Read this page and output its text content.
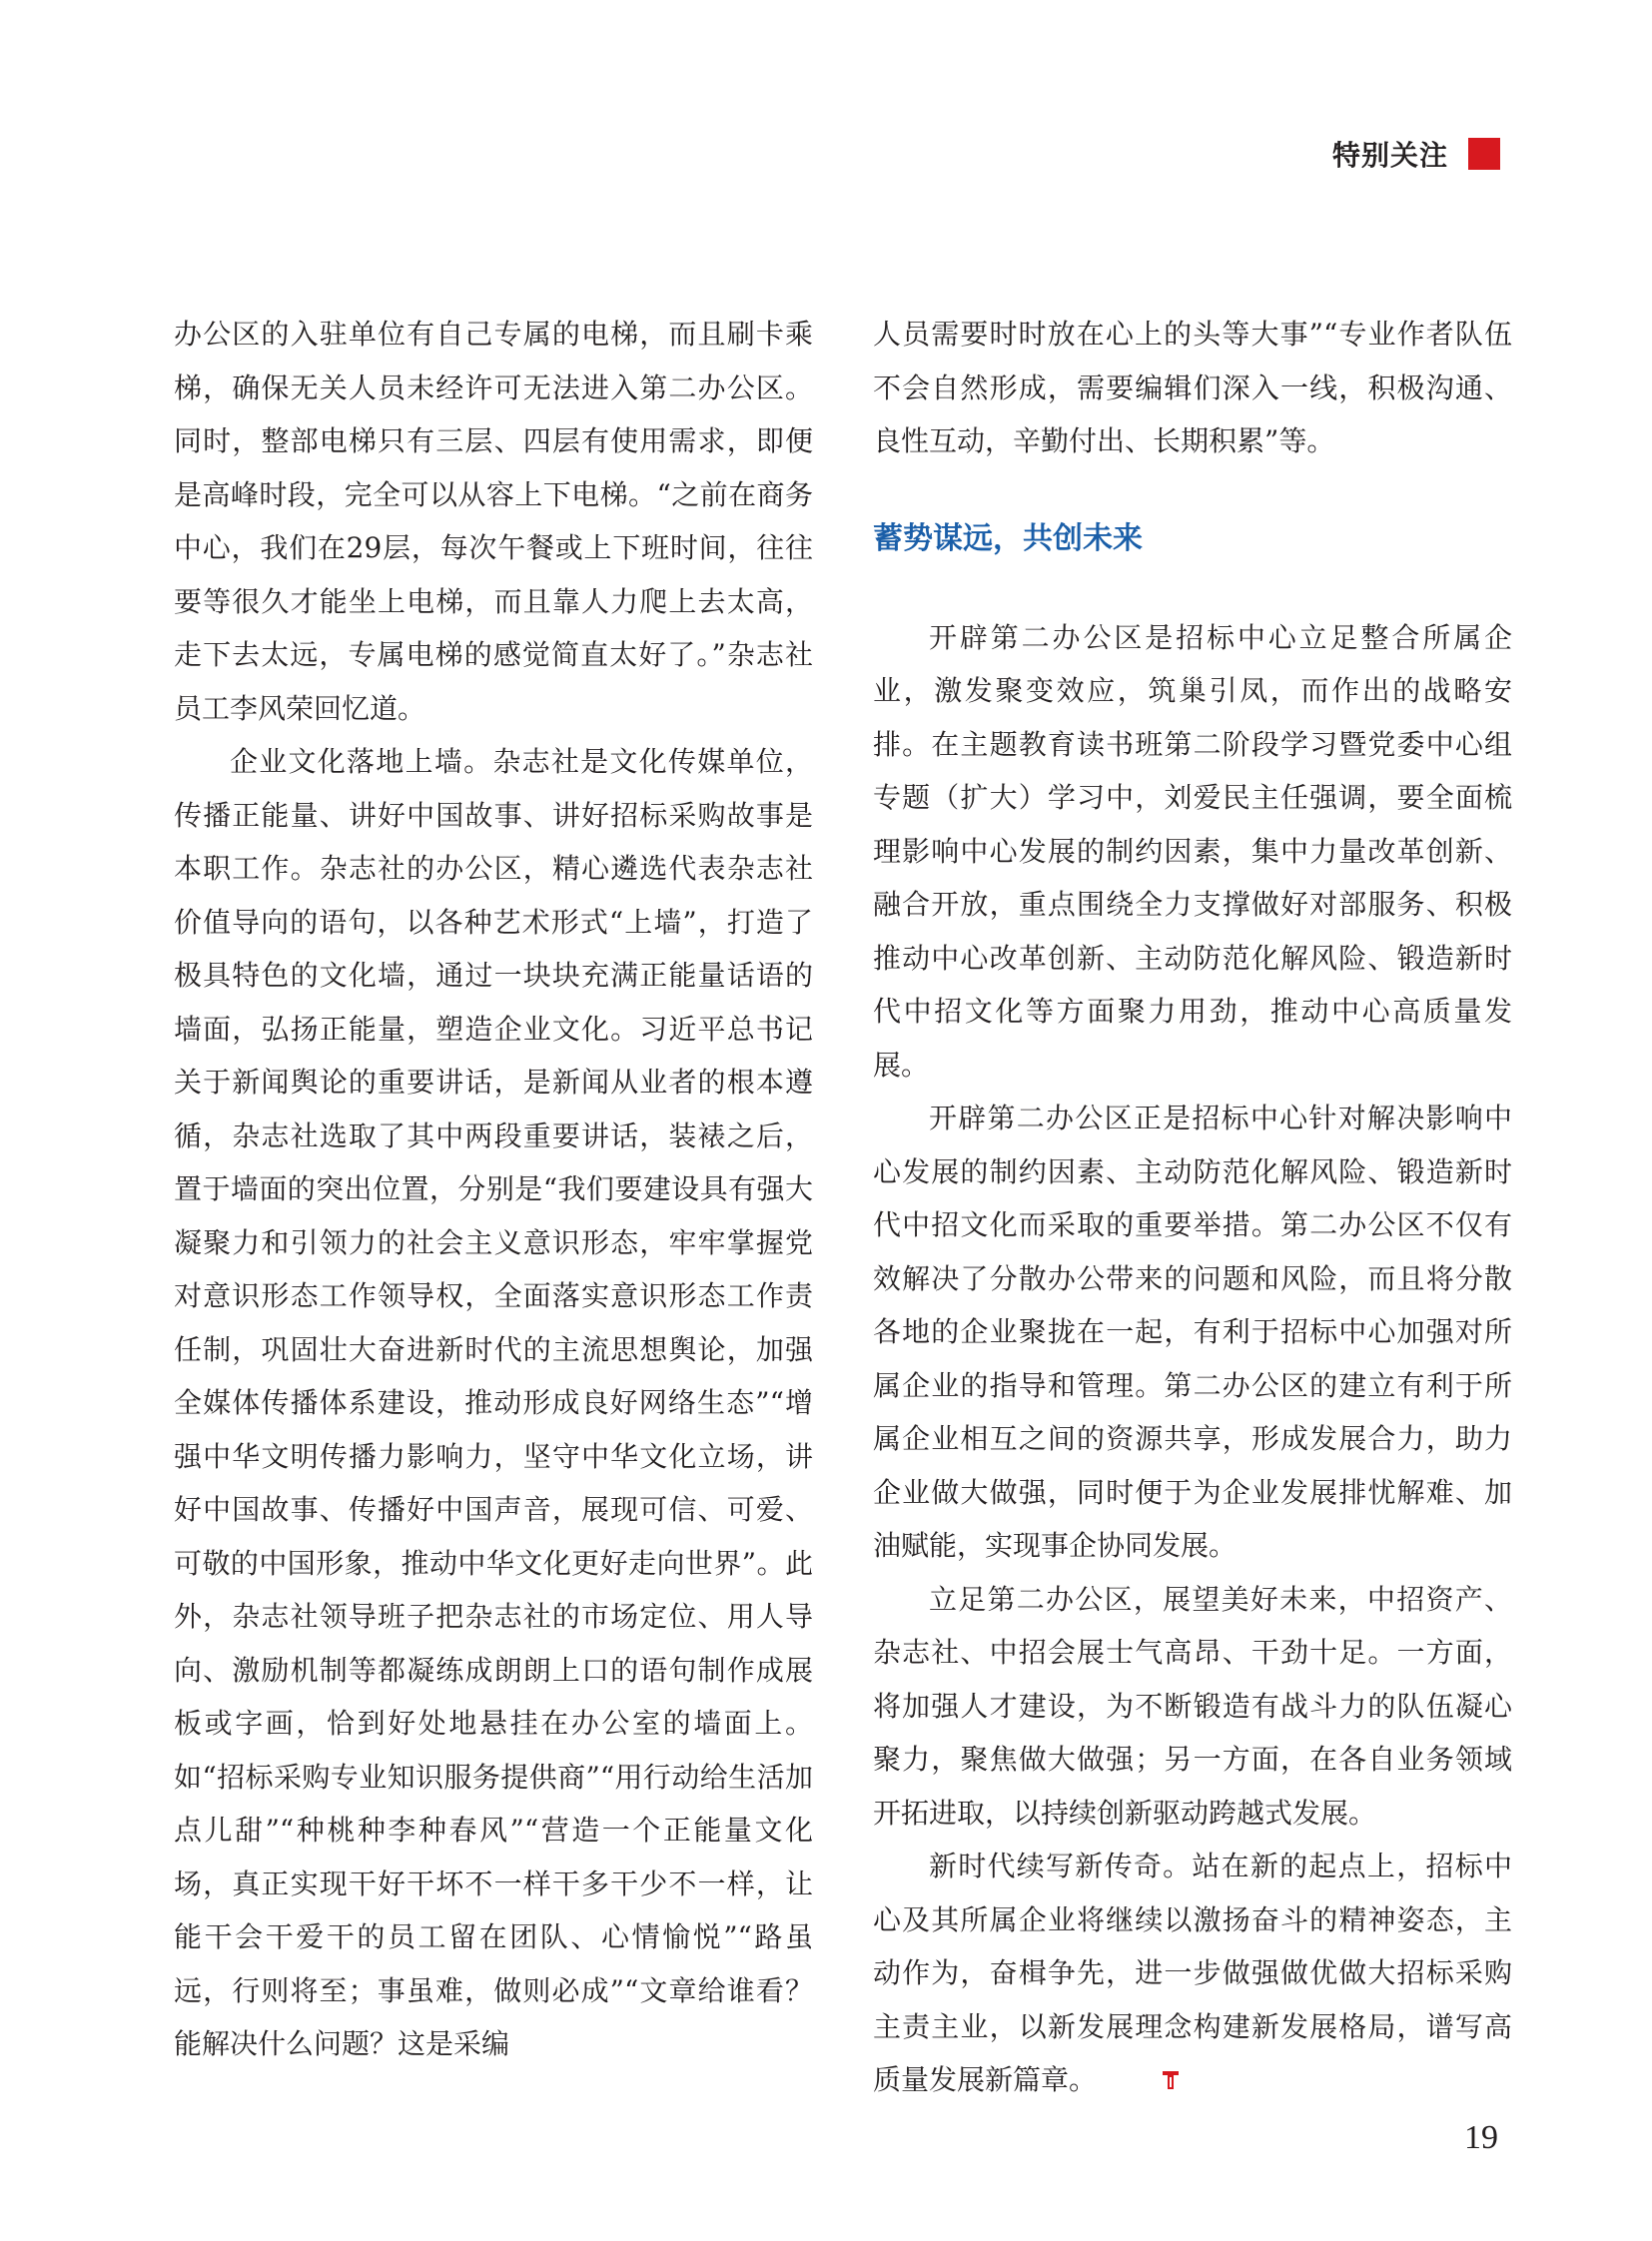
特别关注

办公区的入驻单位有自己专属的电梯，而且刷卡乘梯，确保无关人员未经许可无法进入第二办公区。同时，整部电梯只有三层、四层有使用需求，即便是高峰时段，完全可以从容上下电梯。“之前在商务中心，我们在29层，每次午餐或上下班时间，往往要等很久才能坐上电梯，而且靠人力爬上去太高，走下去太远，专属电梯的感觉简直太好了。”杂志社员工李风荣回忆道。

企业文化落地上墙。杂志社是文化传媒单位，传播正能量、讲好中国故事、讲好招标采购故事是本职工作。杂志社的办公区，精心遴选代表杂志社价值导向的语句，以各种艺术形式“上墙”，打造了极具特色的文化墙，通过一块块充满正能量话语的墙面，弘扬正能量，塑造企业文化。习近平总书记关于新闻舆论的重要讲话，是新闻从业者的根本遵循，杂志社选取了其中两段重要讲话，装裱之后，置于墙面的突出位置，分别是“我们要建设具有强大凝聚力和引领力的社会主义意识形态，牢牢掌握党对意识形态工作领导权，全面落实意识形态工作责任制，巩固壮大奋进新时代的主流思想舆论，加强全媒体传播体系建设，推动形成良好网络生态”“增强中华文明传播力影响力，坚守中华文化立场，讲好中国故事、传播好中国声音，展现可信、可爱、可敬的中国形象，推动中华文化更好走向世界”。此外，杂志社领导班子把杂志社的市场定位、用人导向、激励机制等都凝练成朗朗上口的语句制作成展板或字画，恰到好处地悬挂在办公室的墙面上。如“招标采购专业知识服务提供商”“用行动给生活加点儿甜”“种桃种李种春风”“营造一个正能量文化场，真正实现干好干坏不一样干多干少不一样，让能干会干爱干的员工留在团队、心情愉悦”“路虽远，行则将至；事虽难，做则必成”“文章给谁看？能解决什么问题？这是采编

人员需要时时放在心上的头等大事”“专业作者队伍不会自然形成，需要编辑们深入一线，积极沟通、良性互动，辛勤付出、长期积累”等。

蓄势谋远，共创未来

开辟第二办公区是招标中心立足整合所属企业，激发聚变效应，筑巢引凤，而作出的战略安排。在主题教育读书班第二阶段学习暨党委中心组专题（扩大）学习中，刘爱民主任强调，要全面梳理影响中心发展的制约因素，集中力量改革创新、融合开放，重点围绕全力支撑做好对部服务、积极推动中心改革创新、主动防范化解风险、锻造新时代中招文化等方面聚力用劲，推动中心高质量发展。

开辟第二办公区正是招标中心针对解决影响中心发展的制约因素、主动防范化解风险、锻造新时代中招文化而采取的重要举措。第二办公区不仅有效解决了分散办公带来的问题和风险，而且将分散各地的企业聚拢在一起，有利于招标中心加强对所属企业的指导和管理。第二办公区的建立有利于所属企业相互之间的资源共享，形成发展合力，助力企业做大做强，同时便于为企业发展排忧解难、加油赋能，实现事企协同发展。

立足第二办公区，展望美好未来，中招资产、杂志社、中招会展士气高昂、干劲十足。一方面，将加强人才建设，为不断锻造有战斗力的队伍凝心聚力，聚焦做大做强；另一方面，在各自业务领域开拓进取，以持续创新驱动跨越式发展。

新时代续写新传奇。站在新的起点上，招标中心及其所属企业将继续以激扬奋斗的精神姿态，主动作为，奋楫争先，进一步做强做优做大招标采购主责主业，以新发展理念构建新发展格局，谱写高质量发展新篇章。

19
